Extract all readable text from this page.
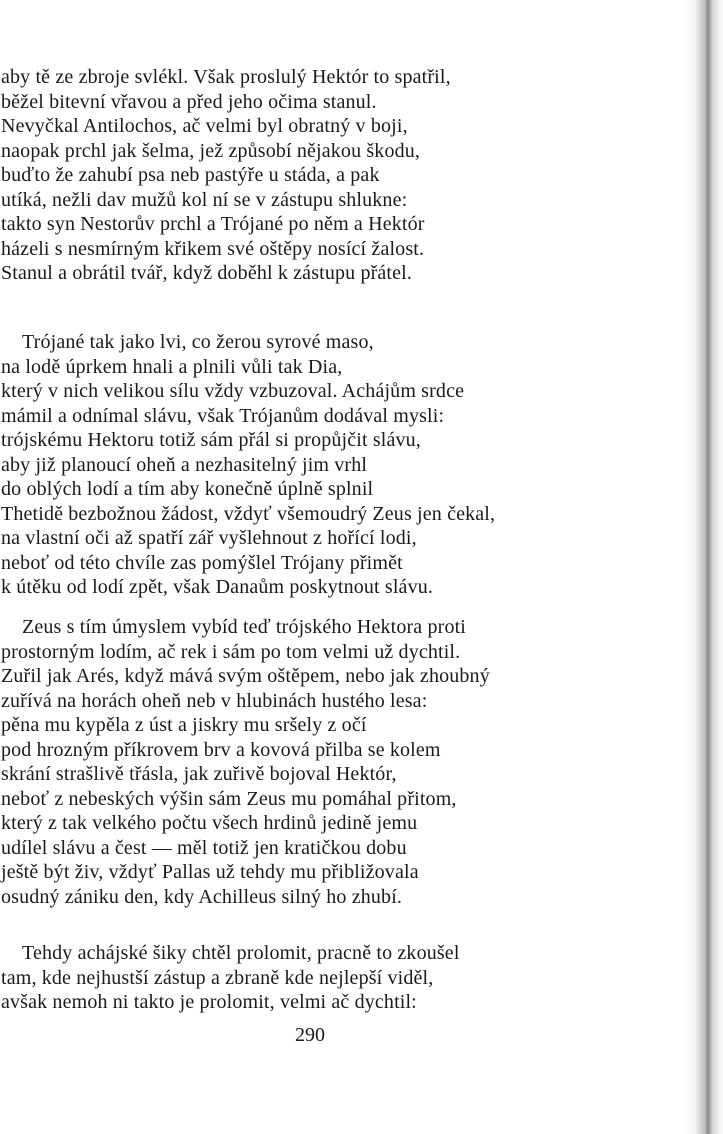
aby tě ze zbroje svlékl. Však proslulý Hektór to spatřil,
běžel bitevní vřavou a před jeho očima stanul.
Nevyčkal Antilochos, ač velmi byl obratný v boji,
naopak prchl jak šelma, jež způsobí nějakou škodu,
buďto že zahubí psa neb pastýře u stáda, a pak
utíká, nežli dav mužů kol ní se v zástupu shlukne:
takto syn Nestorův prchl a Trójané po něm a Hektór
házeli s nesmírným křikem své oštěpy nosící žalost.
Stanul a obrátil tvář, když doběhl k zástupu přátel.
Trójané tak jako lvi, co žerou syrové maso,
na lodě úprkem hnali a plnili vůli tak Dia,
který v nich velikou sílu vždy vzbuzoval. Achájům srdce
mámil a odnímal slávu, však Trójanům dodával mysli:
trójskému Hektoru totiž sám přál si propůjčit slávu,
aby již planoucí oheň a nezhasitelný jim vrhl
do oblých lodí a tím aby konečně úplně splnil
Thetidě bezbožnou žádost, vždyť všemoudrý Zeus jen čekal,
na vlastní oči až spatří zář vyšlehnout z hořící lodi,
neboť od této chvíle zas pomýšlel Trójany přimět
k útěku od lodí zpět, však Danaům poskytnout slávu.
Zeus s tím úmyslem vybíd teď trójského Hektora proti
prostorným lodím, ač rek i sám po tom velmi už dychtil.
Zuřil jak Arés, když mává svým oštěpem, nebo jak zhoubný
zuřívá na horách oheň neb v hlubinách hustého lesa:
pěna mu kypěla z úst a jiskry mu sršely z očí
pod hrozným příkrovem brv a kovová přilba se kolem
skrání strašlivě třásla, jak zuřivě bojoval Hektór,
neboť z nebeských výšin sám Zeus mu pomáhal přitom,
který z tak velkého počtu všech hrdinů jedině jemu
udílel slávu a čest — měl totiž jen kratičkou dobu
ještě být živ, vždyť Pallas už tehdy mu přibližovala
osudný zániku den, kdy Achilleus silný ho zhubí.
Tehdy achájské šiky chtěl prolomit, pracně to zkoušel
tam, kde nejhustší zástup a zbraně kde nejlepší viděl,
avšak nemoh ni takto je prolomit, velmi ač dychtil:
290
